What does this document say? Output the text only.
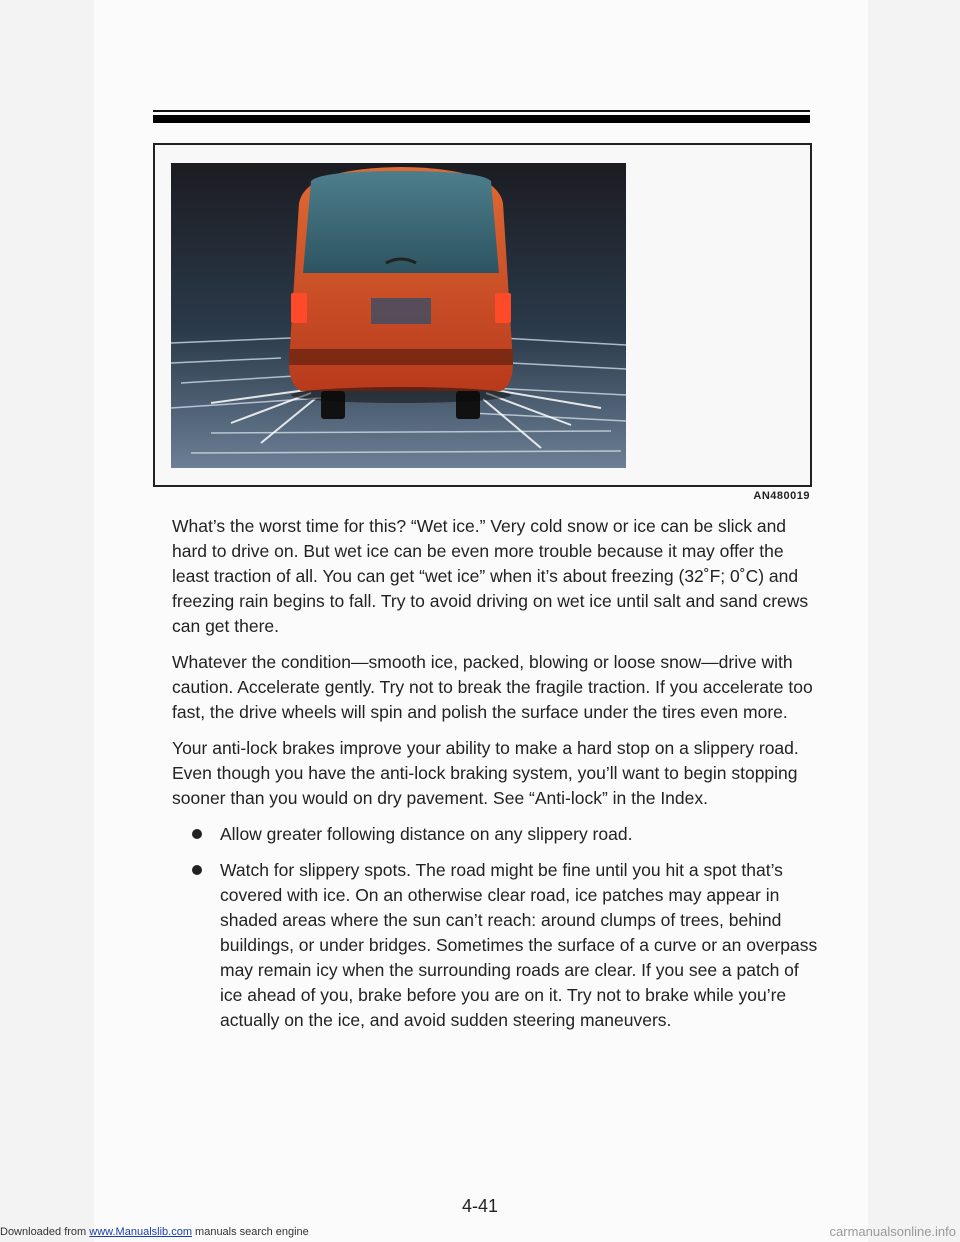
AN480019

What’s the worst time for this? “Wet ice.” Very cold snow or ice can be slick and hard to drive on. But wet ice can be even more trouble because it may offer the least traction of all. You can get “wet ice” when it’s about freezing (32˚F; 0˚C) and freezing rain begins to fall. Try to avoid driving on wet ice until salt and sand crews can get there.

Whatever the condition—smooth ice, packed, blowing or loose snow—drive with caution. Accelerate gently. Try not to break the fragile traction. If you accelerate too fast, the drive wheels will spin and polish the surface under the tires even more.

Your anti-lock brakes improve your ability to make a hard stop on a slippery road. Even though you have the anti-lock braking system, you’ll want to begin stopping sooner than you would on dry pavement. See “Anti-lock” in the Index.

Allow greater following distance on any slippery road.
Watch for slippery spots. The road might be fine until you hit a spot that’s covered with ice. On an otherwise clear road, ice patches may appear in shaded areas where the sun can’t reach: around clumps of trees, behind buildings, or under bridges. Sometimes the surface of a curve or an overpass may remain icy when the surrounding roads are clear. If you see a patch of ice ahead of you, brake before you are on it. Try not to brake while you’re actually on the ice, and avoid sudden steering maneuvers.
4-41
Downloaded from www.Manualslib.com manuals search engine	carmanualsonline.info
